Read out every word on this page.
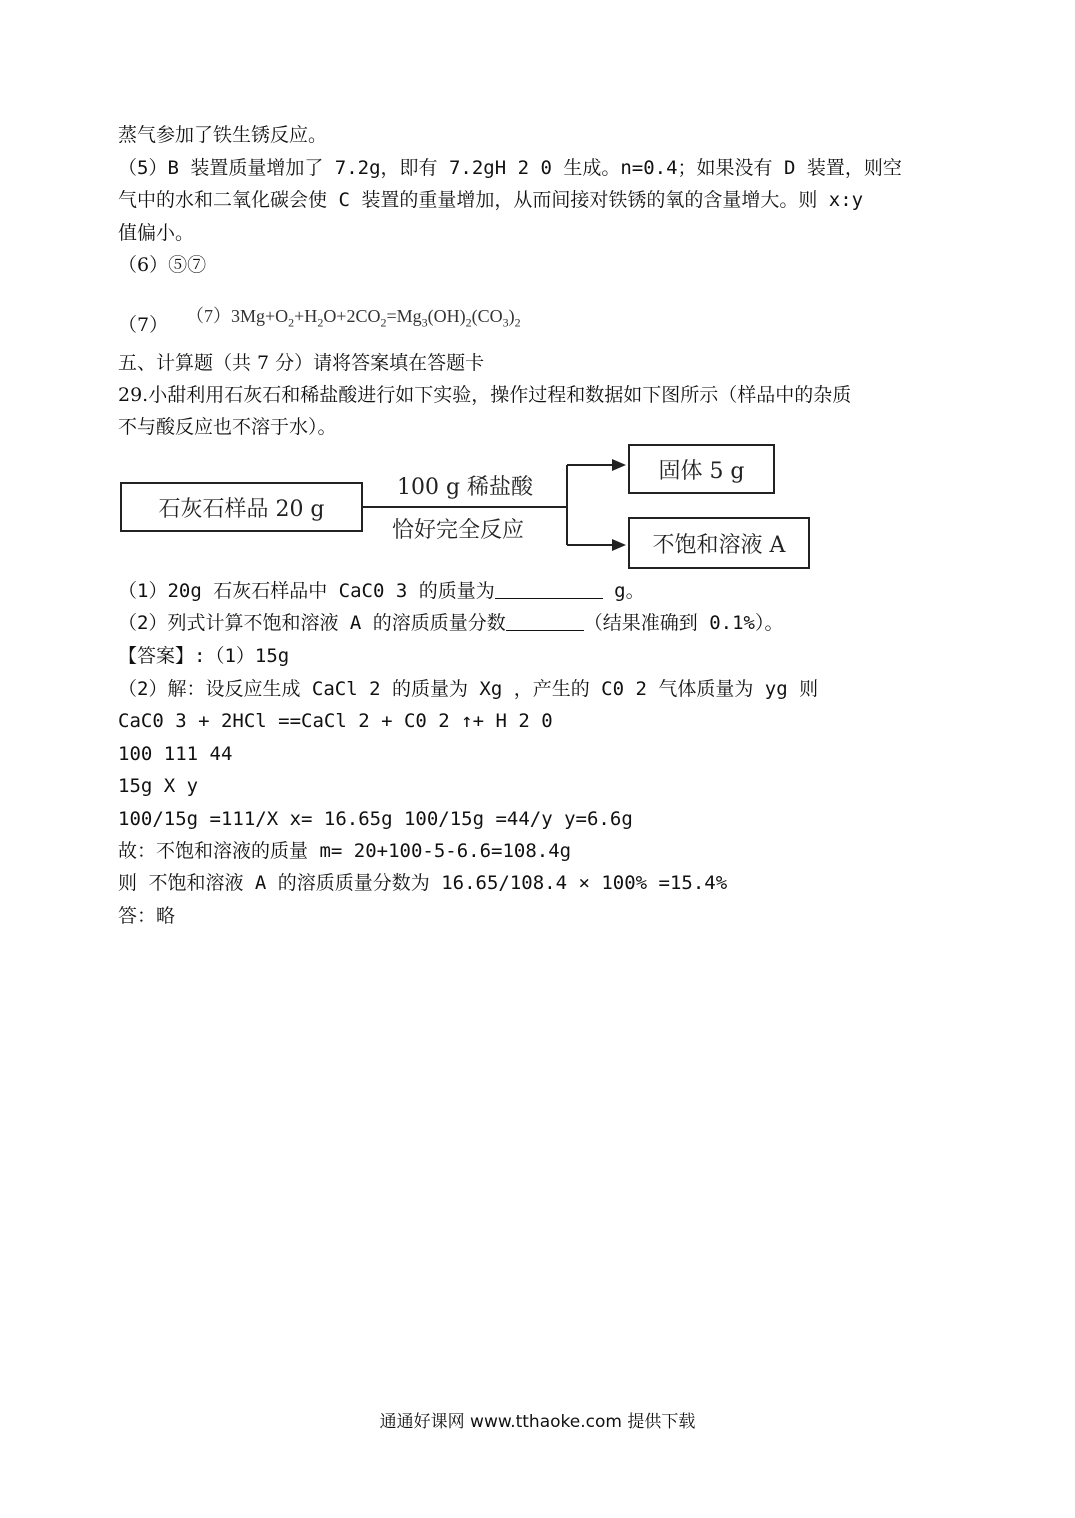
蒸气参加了铁生锈反应。
（5）B 装置质量增加了 7.2g，即有 7.2gH 2 0 生成。n=0.4；如果没有 D 装置，则空
气中的水和二氧化碳会使 C 装置的重量增加，从而间接对铁锈的氧的含量增大。则 x:y
值偏小。
（6）⑤⑦
（7） $(7)3Mg+O_2+H_2O+2CO_2=Mg_3(OH)_2(CO_3)_2$
五、计算题（共 7 分）请将答案填在答题卡
29.小甜利用石灰石和稀盐酸进行如下实验，操作过程和数据如下图所示（样品中的杂质
不与酸反应也不溶于水）。
石灰石样品 20 g
100 g 稀盐酸
恰好完全反应
固体 5 g
不饱和溶液 A
（1）20g 石灰石样品中 CaC0 3 的质量为	g。
（2）列式计算不饱和溶液 A 的溶质质量分数	（结果准确到 0.1%）。
【答案】:（1）15g
（2）解：设反应生成 CaCl 2 的质量为 Xg ，产生的 C0 2 气体质量为 yg 则
CaC0 3 + 2HCl ==CaCl 2 + C0 2 ↑+ H 2 0
100 111 44
15g X y
100/15g =111/X x= 16.65g 100/15g =44/y y=6.6g
故：不饱和溶液的质量 m= 20+100-5-6.6=108.4g
则 不饱和溶液 A 的溶质质量分数为 16.65/108.4 × 100% =15.4%
答：略
通通好课网 www.tthaoke.com 提供下载
